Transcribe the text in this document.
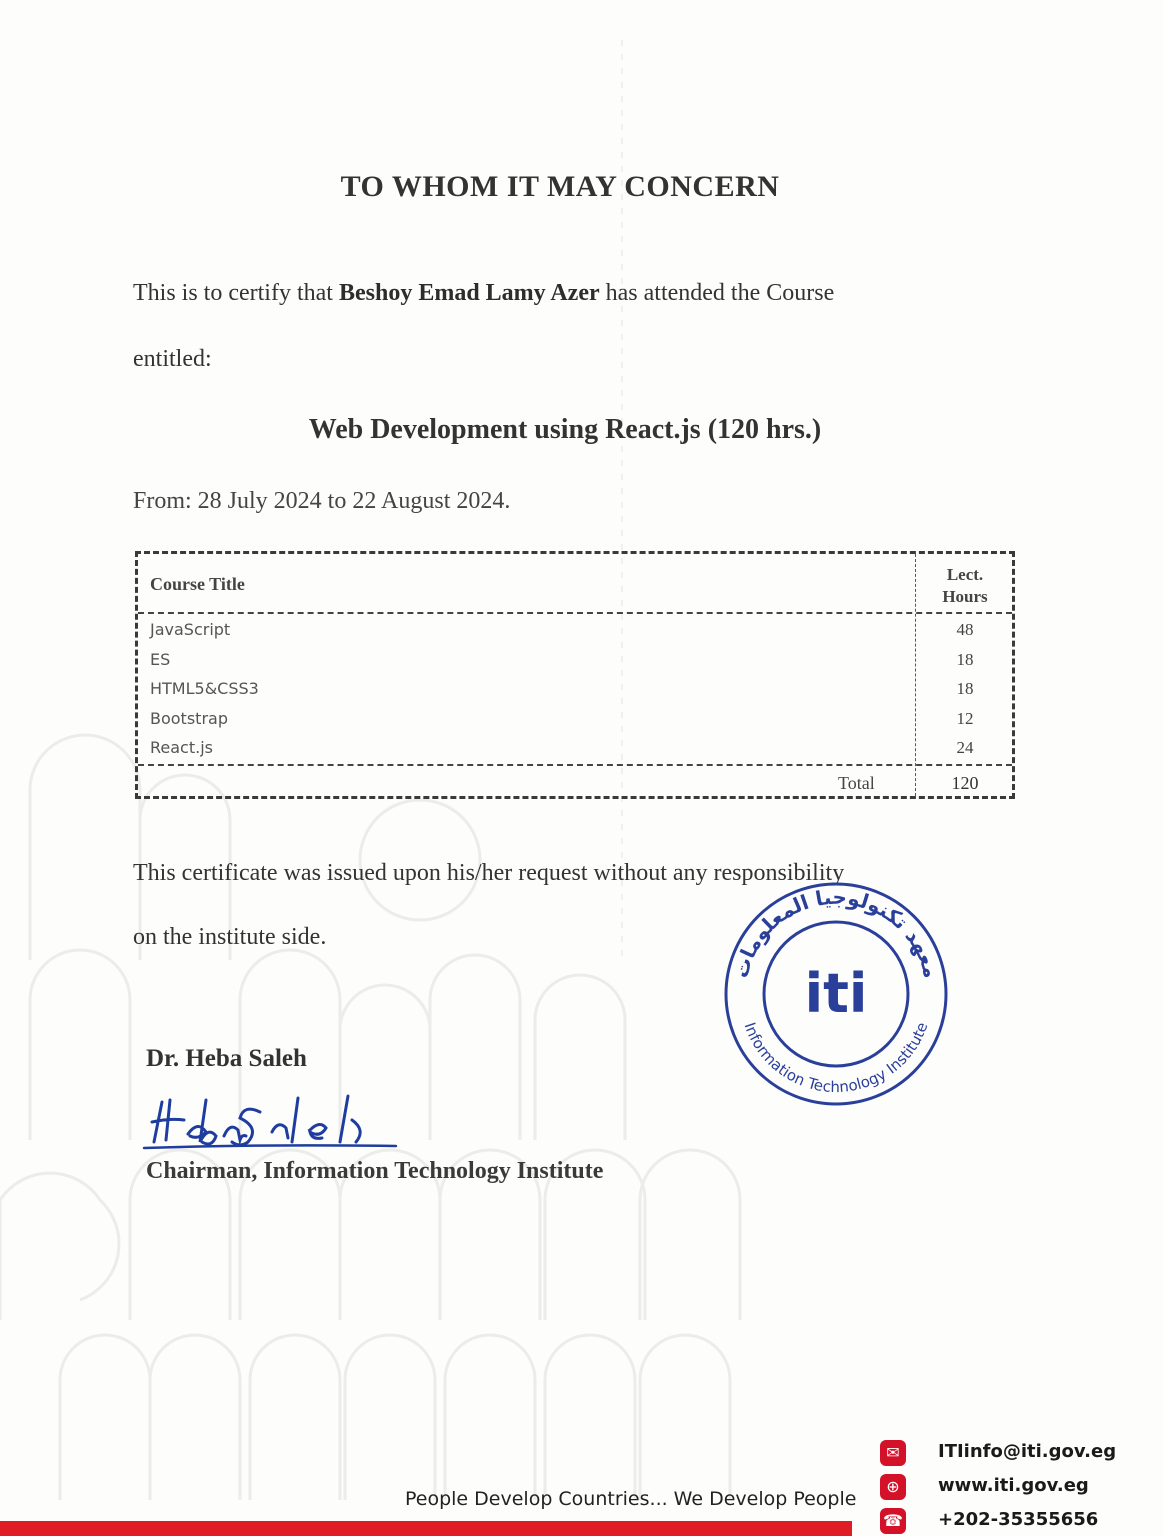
TO WHOM IT MAY CONCERN
This is to certify that Beshoy Emad Lamy Azer has attended the Course
entitled:
Web Development using React.js (120 hrs.)
From: 28 July 2024 to 22 August 2024.
Course Title	Lect.
Hours
JavaScript	48
ES	18
HTML5&CSS3	18
Bootstrap	12
React.js	24
Total	120
This certificate was issued upon his/her request without any responsibility
on the institute side.
معهد تكنولوجيا المعلومات
Information Technology Institute
iti
Dr. Heba Saleh
Chairman, Information Technology Institute
People Develop Countries... We Develop People
✉	ITIinfo@iti.gov.eg
⊕	www.iti.gov.eg
☎ +202-35355656
